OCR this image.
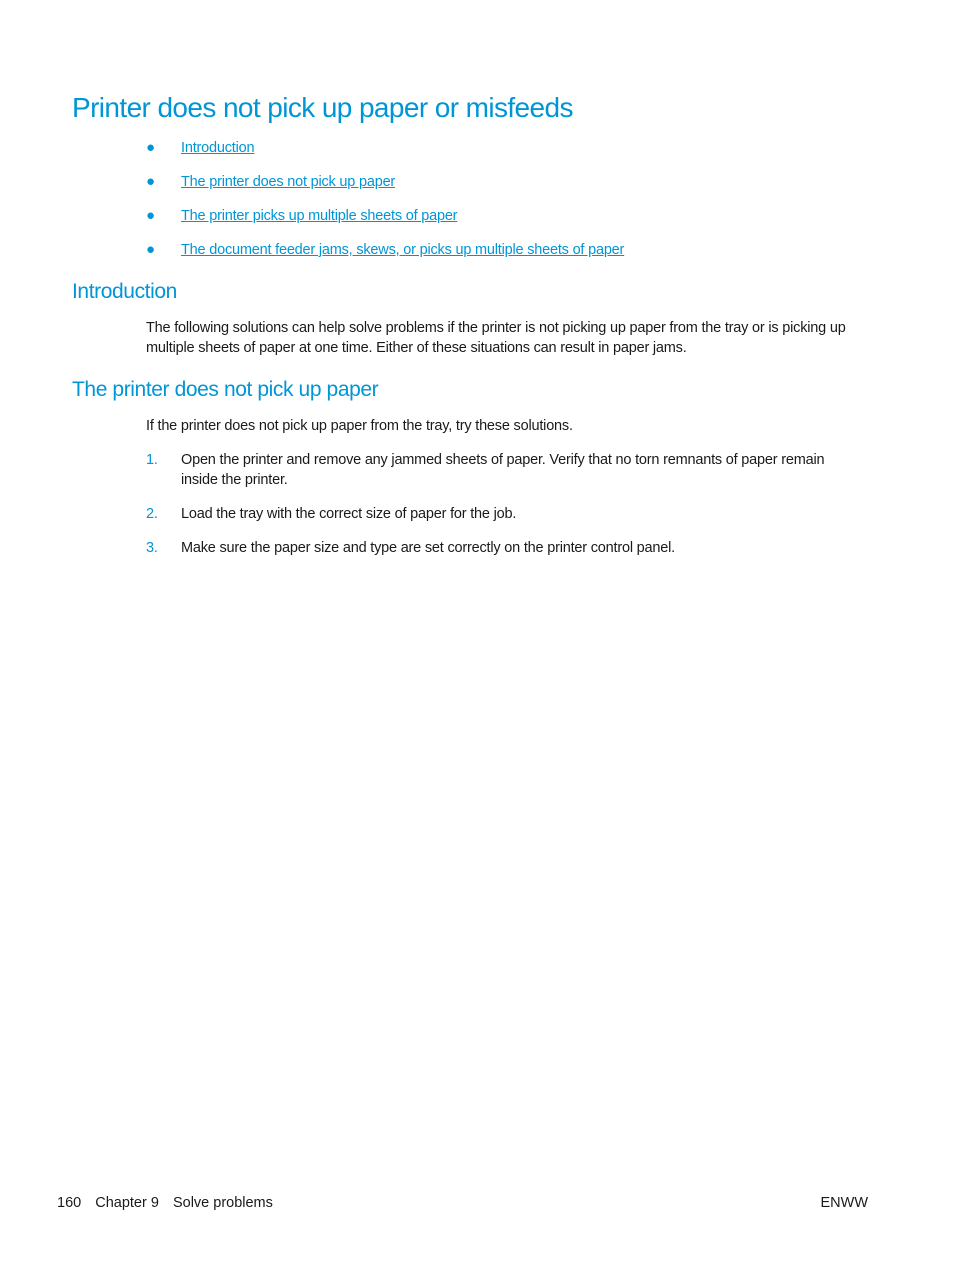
Printer does not pick up paper or misfeeds
●	Introduction
●	The printer does not pick up paper
●	The printer picks up multiple sheets of paper
●	The document feeder jams, skews, or picks up multiple sheets of paper
Introduction

The following solutions can help solve problems if the printer is not picking up paper from the tray or is picking up multiple sheets of paper at one time. Either of these situations can result in paper jams.

The printer does not pick up paper

If the printer does not pick up paper from the tray, try these solutions.

1.	Open the printer and remove any jammed sheets of paper. Verify that no torn remnants of paper remain inside the printer.
2.	Load the tray with the correct size of paper for the job.
3.	Make sure the paper size and type are set correctly on the printer control panel.
160 Chapter 9 Solve problems	ENWW
